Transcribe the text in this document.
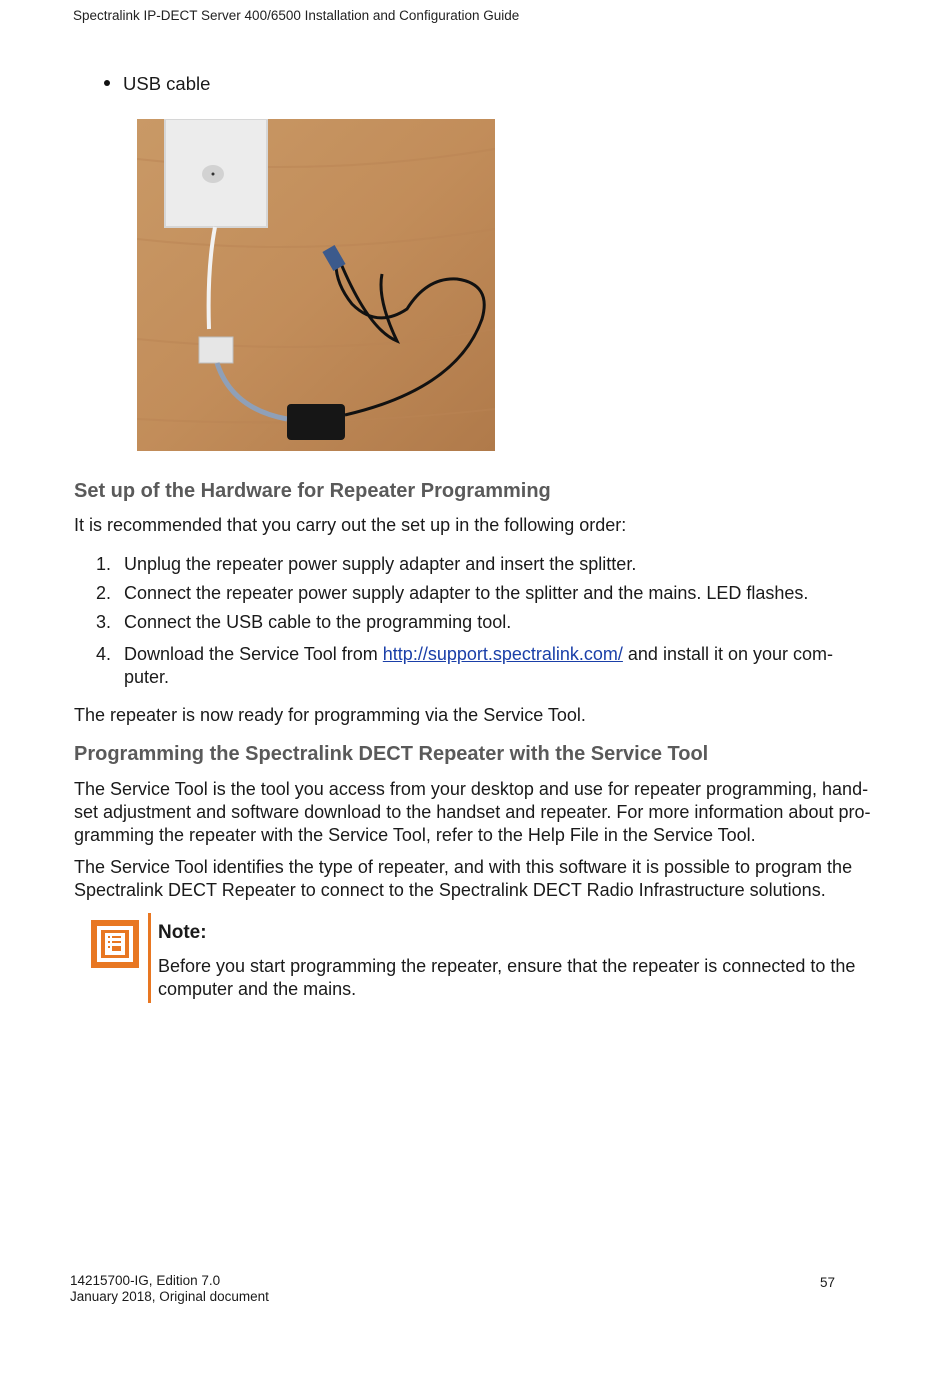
Spectralink IP-DECT Server 400/6500 Installation and Configuration Guide
USB cable
Set up of the Hardware for Repeater Programming
It is recommended that you carry out the set up in the following order:
1. Unplug the repeater power supply adapter and insert the splitter.
2. Connect the repeater power supply adapter to the splitter and the mains. LED flashes.
3. Connect the USB cable to the programming tool.
4. Download the Service Tool from http://support.spectralink.com/ and install it on your com-
puter.
The repeater is now ready for programming via the Service Tool.
Programming the Spectralink DECT Repeater with the Service Tool
The Service Tool is the tool you access from your desktop and use for repeater programming, hand-
set adjustment and software download to the handset and repeater. For more information about pro-
gramming the repeater with the Service Tool, refer to the Help File in the Service Tool.
The Service Tool identifies the type of repeater, and with this software it is possible to program the
Spectralink DECT Repeater to connect to the Spectralink DECT Radio Infrastructure solutions.
Note:
Before you start programming the repeater, ensure that the repeater is connected to the
computer and the mains.
14215700-IG, Edition 7.0
January 2018, Original document
57
